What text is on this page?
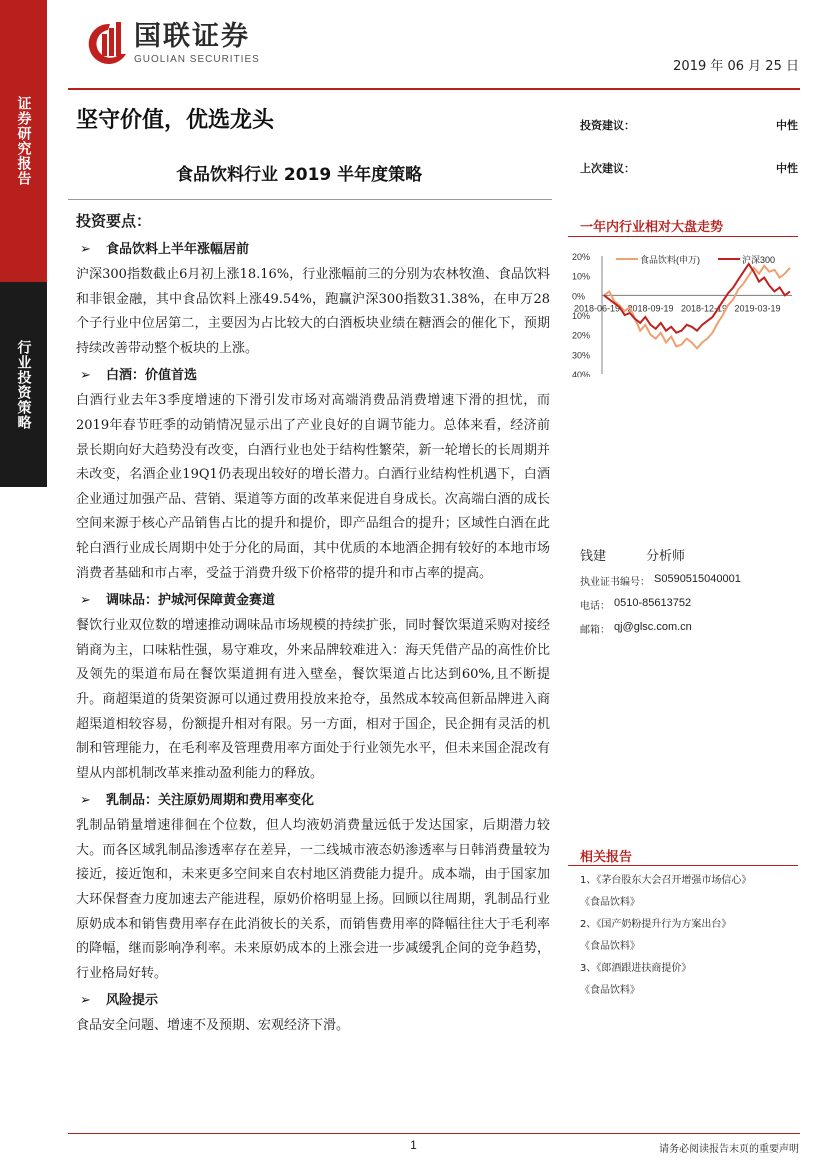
证券研究报告
行业投资策略
国联证券
GUOLIAN SECURITIES	2019 年 06 月 25 日
坚守价值，优选龙头
食品饮料行业 2019 半年度策略
投资建议：	中性
上次建议：	中性
一年内行业相对大盘走势
20%
10%
0%
10%
20%
30%
40%
2018-06-19 2018-09-19 2018-12-19 2019-03-19
食品饮料(申万)	沪深300
钱建	分析师
执业证书编号： S0590515040001
电话： 0510-85613752
邮箱： qj@glsc.com.cn
相关报告
1、《茅台股东大会召开增强市场信心》
《食品饮料》
2、《国产奶粉提升行为方案出台》
《食品饮料》
3、《郎酒跟进扶商提价》
《食品饮料》
投资要点：
➢	食品饮料上半年涨幅居前
沪深300指数截止6月初上涨18.16%，行业涨幅前三的分别为农林牧渔、食品饮料和非银金融，其中食品饮料上涨49.54%，跑赢沪深300指数31.38%，在申万28个子行业中位居第二，主要因为占比较大的白酒板块业绩在糖酒会的催化下，预期持续改善带动整个板块的上涨。
➢	白酒：价值首选
白酒行业去年3季度增速的下滑引发市场对高端消费品消费增速下滑的担忧，而2019年春节旺季的动销情况显示出了产业良好的自调节能力。总体来看，经济前景长期向好大趋势没有改变，白酒行业也处于结构性繁荣，新一轮增长的长周期并未改变，名酒企业19Q1仍表现出较好的增长潜力。白酒行业结构性机遇下，白酒企业通过加强产品、营销、渠道等方面的改革来促进自身成长。次高端白酒的成长空间来源于核心产品销售占比的提升和提价，即产品组合的提升；区域性白酒在此轮白酒行业成长周期中处于分化的局面，其中优质的本地酒企拥有较好的本地市场消费者基础和市占率，受益于消费升级下价格带的提升和市占率的提高。
➢	调味品：护城河保障黄金赛道
餐饮行业双位数的增速推动调味品市场规模的持续扩张，同时餐饮渠道采购对接经销商为主，口味粘性强，易守难攻，外来品牌较难进入：海天凭借产品的高性价比及领先的渠道布局在餐饮渠道拥有进入壁垒，餐饮渠道占比达到60%,且不断提升。商超渠道的货架资源可以通过费用投放来抢夺，虽然成本较高但新品牌进入商超渠道相较容易，份额提升相对有限。另一方面，相对于国企，民企拥有灵活的机制和管理能力，在毛利率及管理费用率方面处于行业领先水平，但未来国企混改有望从内部机制改革来推动盈利能力的释放。
➢	乳制品：关注原奶周期和费用率变化
乳制品销量增速徘徊在个位数，但人均液奶消费量远低于发达国家，后期潜力较大。而各区域乳制品渗透率存在差异，一二线城市液态奶渗透率与日韩消费量较为接近，接近饱和，未来更多空间来自农村地区消费能力提升。成本端，由于国家加大环保督查力度加速去产能进程，原奶价格明显上扬。回顾以往周期，乳制品行业原奶成本和销售费用率存在此消彼长的关系，而销售费用率的降幅往往大于毛利率的降幅，继而影响净利率。未来原奶成本的上涨会进一步减缓乳企间的竞争趋势，行业格局好转。
➢	风险提示
食品安全问题、增速不及预期、宏观经济下滑。
1	请务必阅读报告末页的重要声明
